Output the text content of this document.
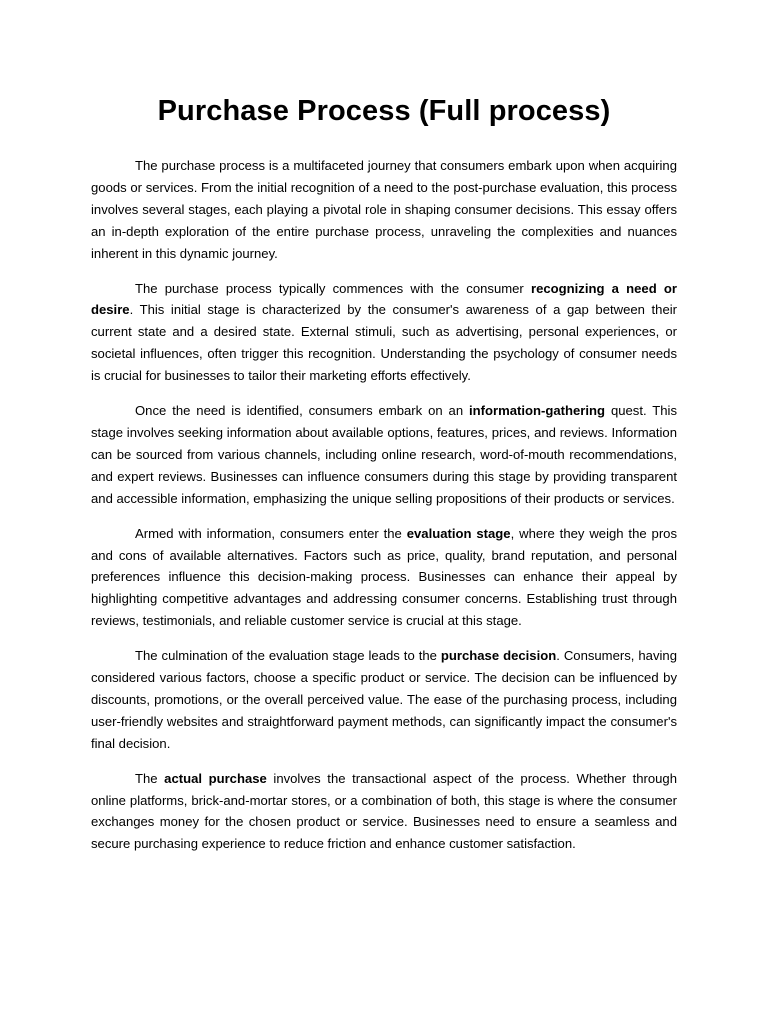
Purchase Process (Full process)

The purchase process is a multifaceted journey that consumers embark upon when acquiring goods or services. From the initial recognition of a need to the post-purchase evaluation, this process involves several stages, each playing a pivotal role in shaping consumer decisions. This essay offers an in-depth exploration of the entire purchase process, unraveling the complexities and nuances inherent in this dynamic journey.

The purchase process typically commences with the consumer recognizing a need or desire. This initial stage is characterized by the consumer's awareness of a gap between their current state and a desired state. External stimuli, such as advertising, personal experiences, or societal influences, often trigger this recognition. Understanding the psychology of consumer needs is crucial for businesses to tailor their marketing efforts effectively.

Once the need is identified, consumers embark on an information-gathering quest. This stage involves seeking information about available options, features, prices, and reviews. Information can be sourced from various channels, including online research, word-of-mouth recommendations, and expert reviews. Businesses can influence consumers during this stage by providing transparent and accessible information, emphasizing the unique selling propositions of their products or services.

Armed with information, consumers enter the evaluation stage, where they weigh the pros and cons of available alternatives. Factors such as price, quality, brand reputation, and personal preferences influence this decision-making process. Businesses can enhance their appeal by highlighting competitive advantages and addressing consumer concerns. Establishing trust through reviews, testimonials, and reliable customer service is crucial at this stage.

The culmination of the evaluation stage leads to the purchase decision. Consumers, having considered various factors, choose a specific product or service. The decision can be influenced by discounts, promotions, or the overall perceived value. The ease of the purchasing process, including user-friendly websites and straightforward payment methods, can significantly impact the consumer's final decision.

The actual purchase involves the transactional aspect of the process. Whether through online platforms, brick-and-mortar stores, or a combination of both, this stage is where the consumer exchanges money for the chosen product or service. Businesses need to ensure a seamless and secure purchasing experience to reduce friction and enhance customer satisfaction.
